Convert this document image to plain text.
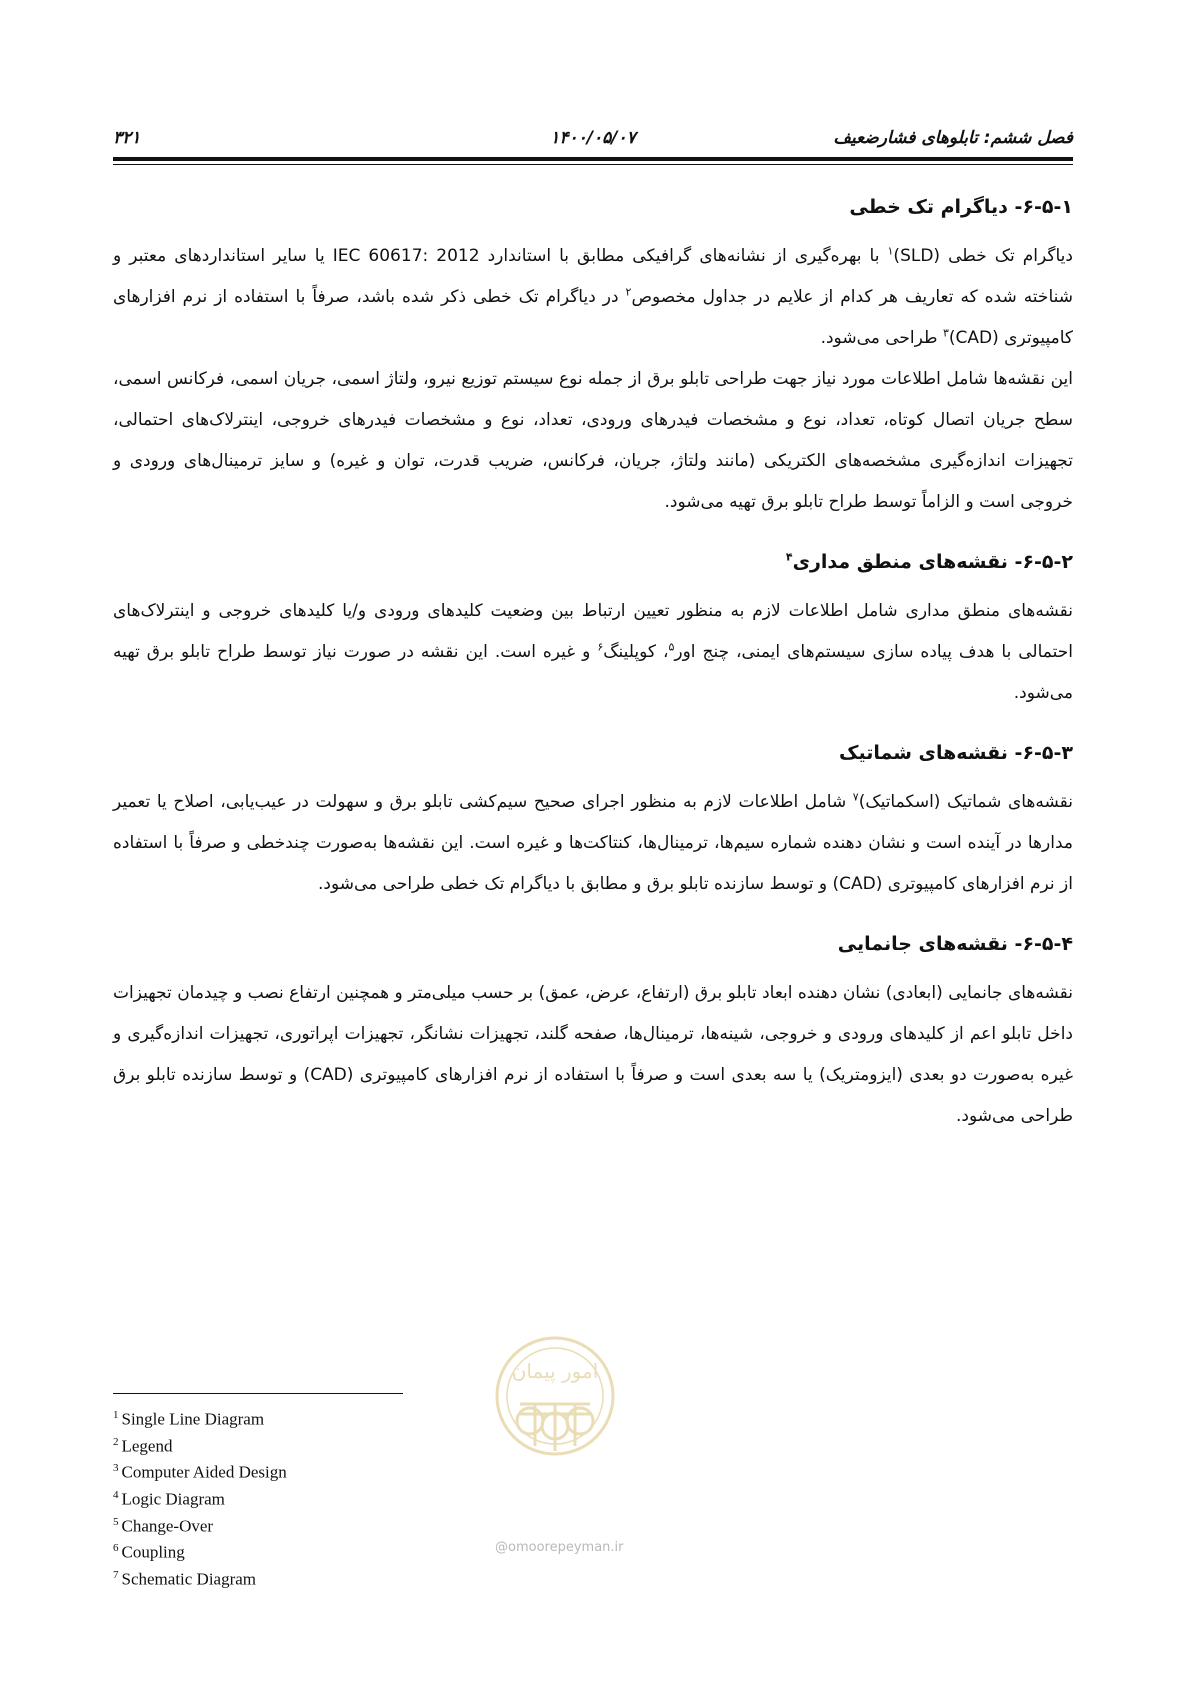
فصل ششم: تابلوهای فشارضعیف
۱۴۰۰/۰۵/۰۷
۳۲۱
۶-۵-۱- دیاگرام تک خطی

دیاگرام تک خطی (SLD)$^۱$ با بهره‌گیری از نشانه‌های گرافیکی مطابق با استاندارد IEC 60617: 2012 یا سایر استانداردهای معتبر و شناخته شده که تعاریف هر کدام از علایم در جداول مخصوص$^۲$ در دیاگرام تک خطی ذکر شده باشد، صرفاً با استفاده از نرم افزارهای کامپیوتری (CAD)$^۳$ طراحی می‌شود.

این نقشه‌ها شامل اطلاعات مورد نیاز جهت طراحی تابلو برق از جمله نوع سیستم توزیع نیرو، ولتاژ اسمی، جریان اسمی، فرکانس اسمی، سطح جریان اتصال کوتاه، تعداد، نوع و مشخصات فیدرهای ورودی، تعداد، نوع و مشخصات فیدرهای خروجی، اینترلاک‌های احتمالی، تجهیزات اندازه‌گیری مشخصه‌های الکتریکی (مانند ولتاژ، جریان، فرکانس، ضریب قدرت، توان و غیره) و سایز ترمینال‌های ورودی و خروجی است و الزاماً توسط طراح تابلو برق تهیه می‌شود.

۶-۵-۲- نقشه‌های منطق مداری$^۴$

نقشه‌های منطق مداری شامل اطلاعات لازم به منظور تعیین ارتباط بین وضعیت کلیدهای ورودی و/یا کلیدهای خروجی و اینترلاک‌های احتمالی با هدف پیاده سازی سیستم‌های ایمنی، چنج اور$^۵$، کوپلینگ$^۶$ و غیره است. این نقشه در صورت نیاز توسط طراح تابلو برق تهیه می‌شود.

۶-۵-۳- نقشه‌های شماتیک

نقشه‌های شماتیک (اسکماتیک)$^۷$ شامل اطلاعات لازم به منظور اجرای صحیح سیم‌کشی تابلو برق و سهولت در عیب‌یابی، اصلاح یا تعمیر مدارها در آینده است و نشان دهنده شماره سیم‌ها، ترمینال‌ها، کنتاکت‌ها و غیره است. این نقشه‌ها به‌صورت چندخطی و صرفاً با استفاده از نرم افزارهای کامپیوتری (CAD) و توسط سازنده تابلو برق و مطابق با دیاگرام تک خطی طراحی می‌شود.

۶-۵-۴- نقشه‌های جانمایی

نقشه‌های جانمایی (ابعادی) نشان دهنده ابعاد تابلو برق (ارتفاع، عرض، عمق) بر حسب میلی‌متر و همچنین ارتفاع نصب و چیدمان تجهیزات داخل تابلو اعم از کلیدهای ورودی و خروجی، شینه‌ها، ترمینال‌ها، صفحه گلند، تجهیزات نشانگر، تجهیزات اپراتوری، تجهیزات اندازه‌گیری و غیره به‌صورت دو بعدی (ایزومتریک) یا سه بعدی است و صرفاً با استفاده از نرم افزارهای کامپیوتری (CAD) و توسط سازنده تابلو برق طراحی می‌شود.

$^1$ Single Line Diagram
$^2$ Legend
$^3$ Computer Aided Design
$^4$ Logic Diagram
$^5$ Change-Over
$^6$ Coupling
$^7$ Schematic Diagram
امور پیمان
@omoorepeyman.ir
